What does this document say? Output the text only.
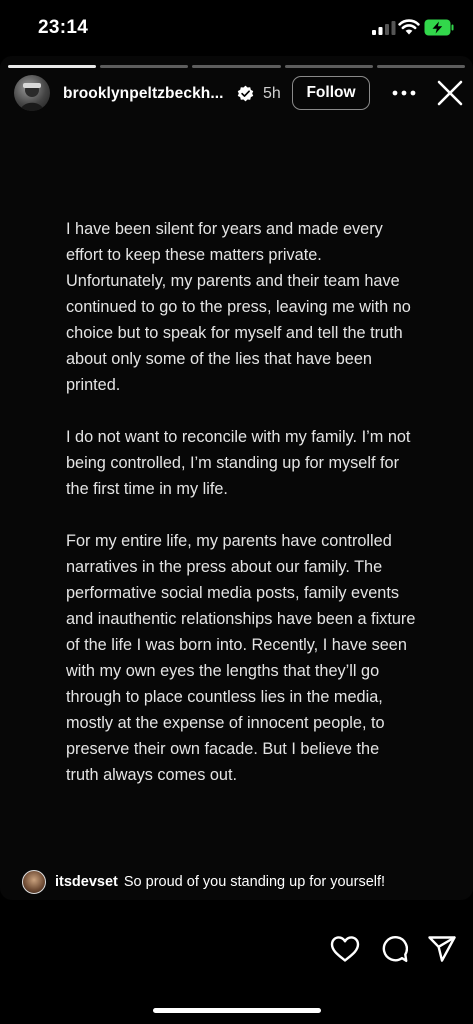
23:14
brooklynpeltzbeckh... 5h	Follow

I have been silent for years and made every effort to keep these matters private. Unfortunately, my parents and their team have continued to go to the press, leaving me with no choice but to speak for myself and tell the truth about only some of the lies that have been printed.

I do not want to reconcile with my family. I’m not being controlled, I’m standing up for myself for the first time in my life.

For my entire life, my parents have controlled narratives in the press about our family. The performative social media posts, family events and inauthentic relationships have been a fixture of the life I was born into. Recently, I have seen with my own eyes the lengths that they’ll go through to place countless lies in the media, mostly at the expense of innocent people, to preserve their own facade. But I believe the truth always comes out.

itsdevset So proud of you standing up for yourself!
